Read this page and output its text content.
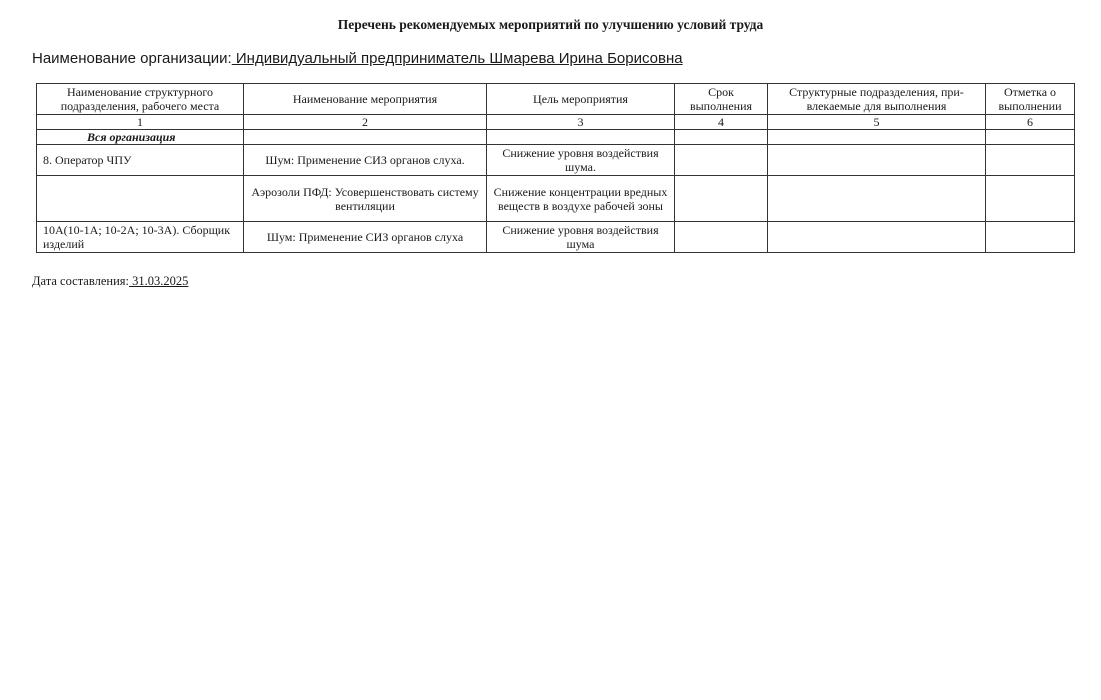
Перечень рекомендуемых мероприятий по улучшению условий труда
Наименование организации: Индивидуальный предприниматель Шмарева Ирина Борисовна
Наименование структурного подразделения, рабочего места	Наименование мероприятия	Цель мероприятия	Срок выполнения	Структурные подразделения, при-влекаемые для выполнения	Отметка о выполнении
1	2	3	4	5	6
Вся организация					
8. Оператор ЧПУ	Шум: Применение СИЗ органов слуха.	Снижение уровня воздействия шума.			
	Аэрозоли ПФД: Усовершенствовать систему вентиляции	Снижение концентрации вредных веществ в воздухе рабочей зоны			
10А(10-1А; 10-2А; 10-3А). Сборщик изделий	Шум: Применение СИЗ органов слуха	Снижение уровня воздействия шума			
Дата составления: 31.03.2025
